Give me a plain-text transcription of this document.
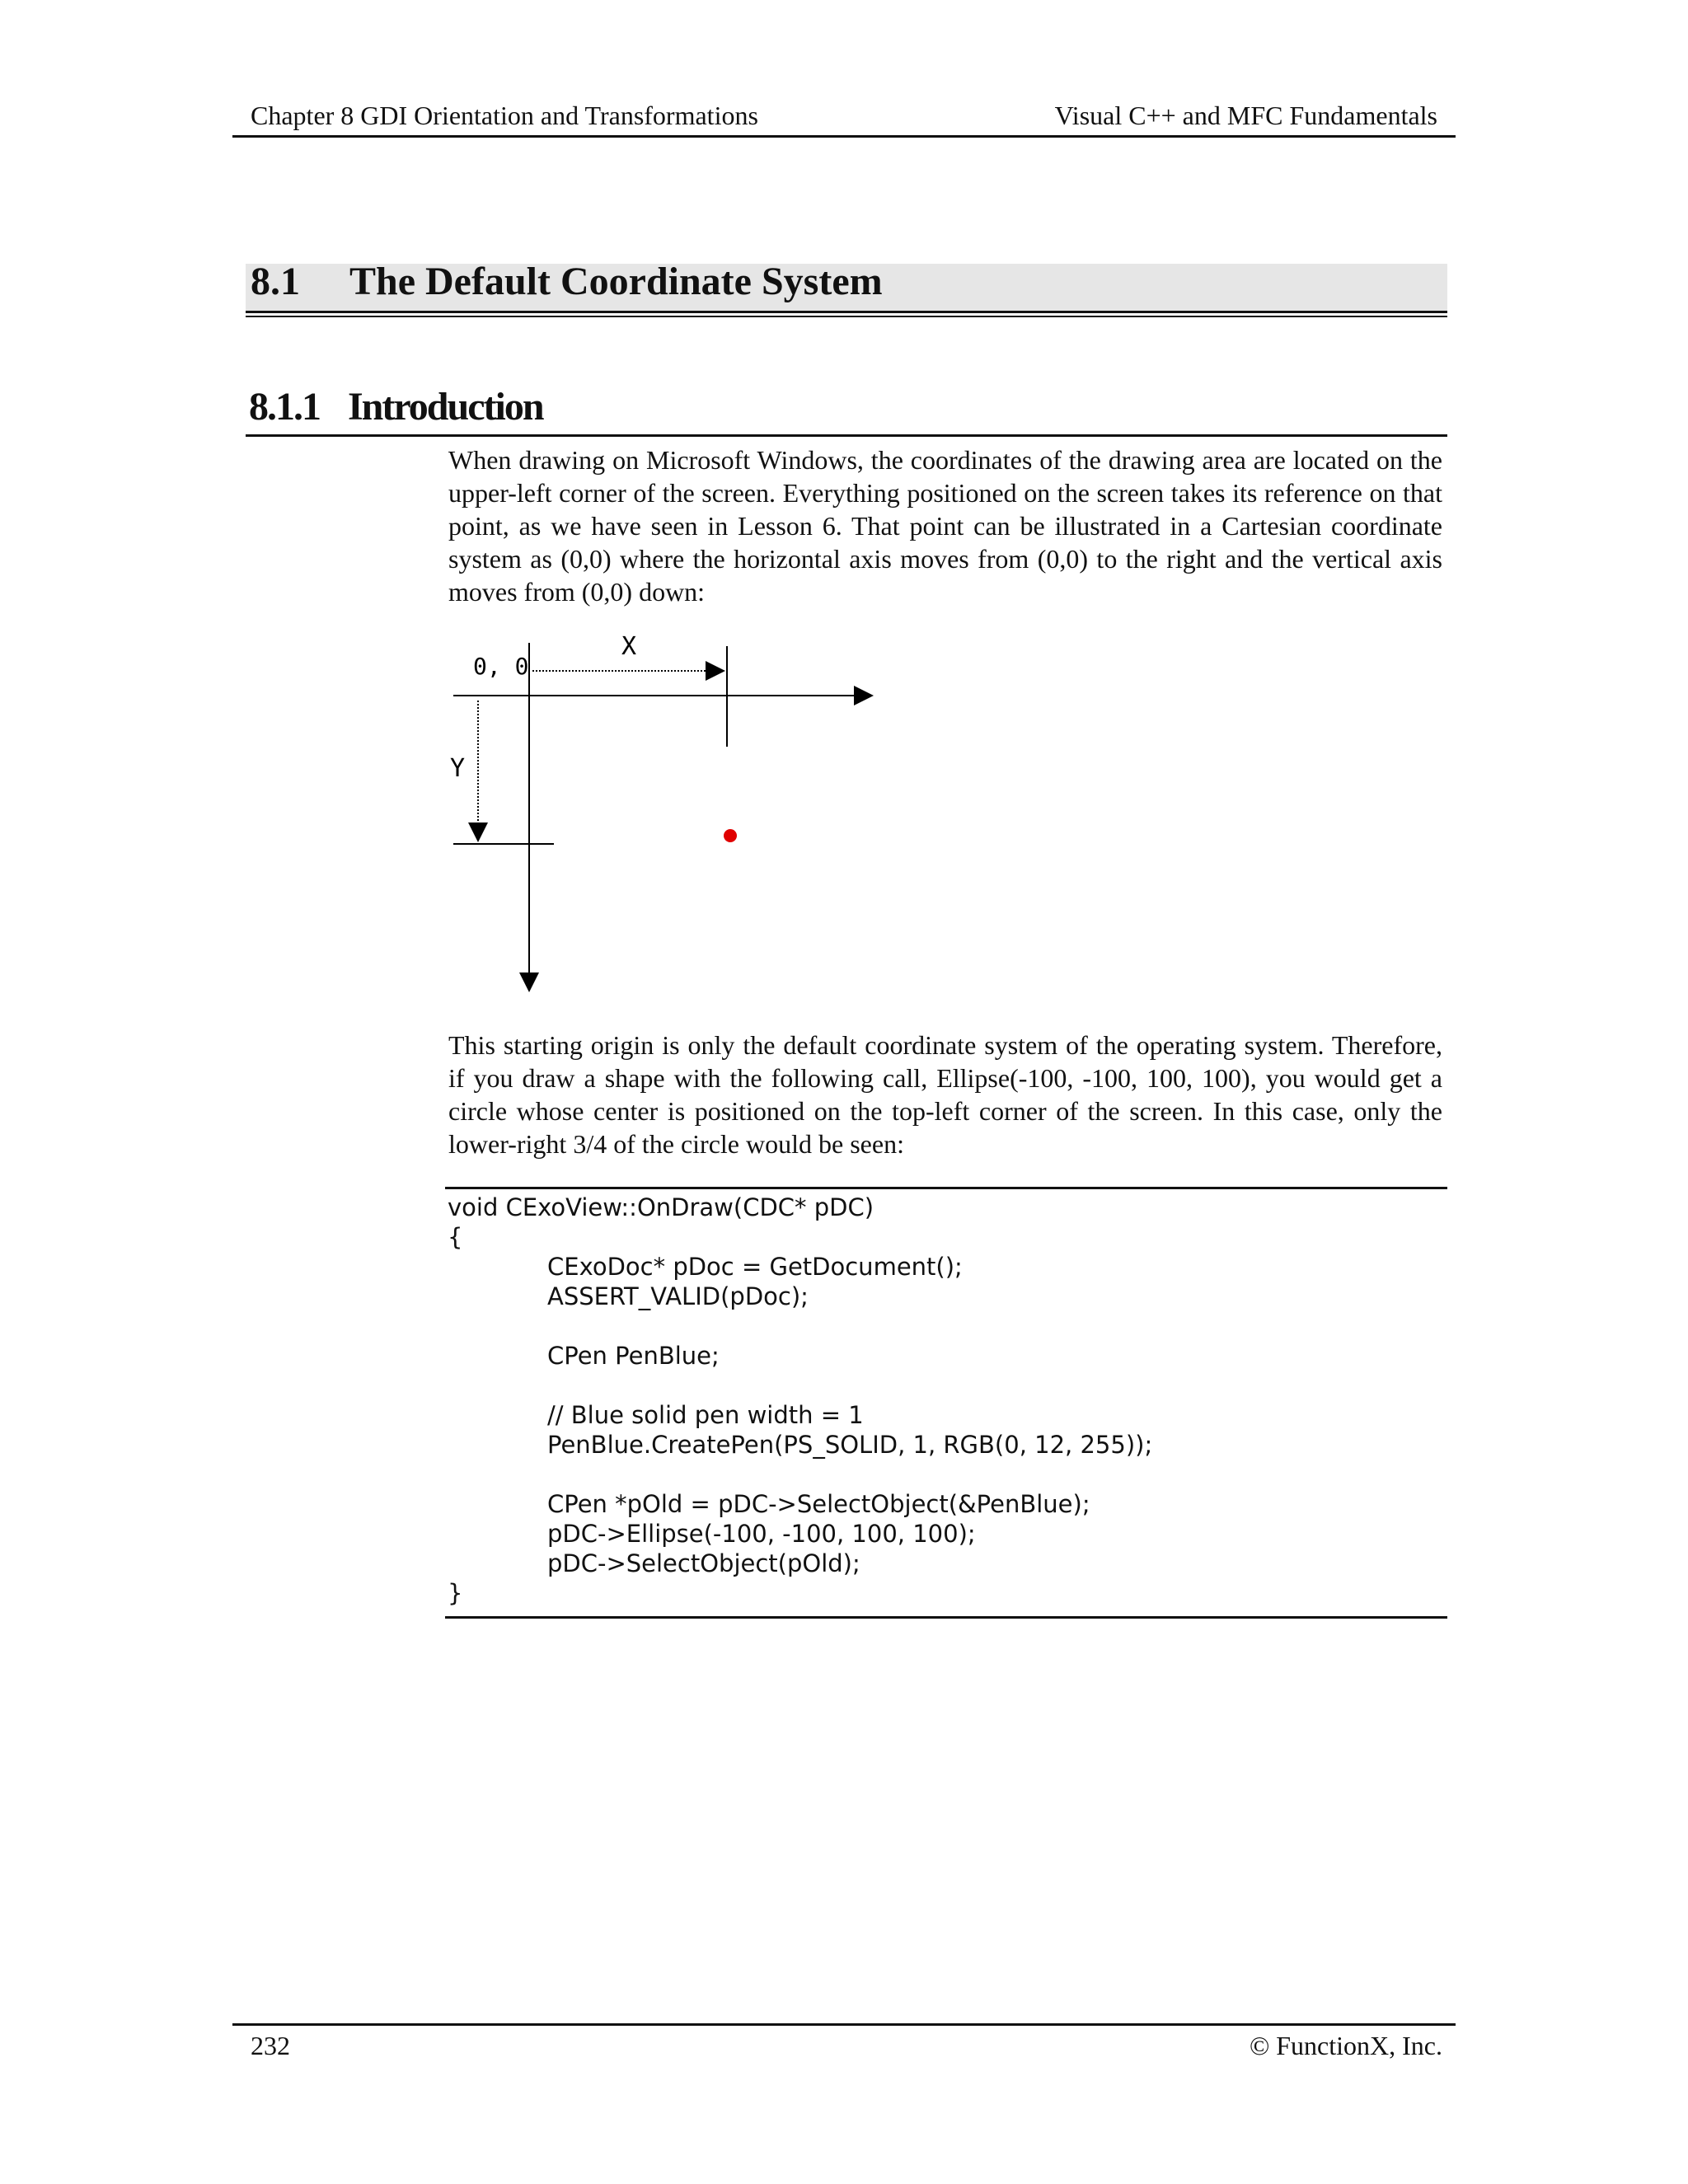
Chapter 8 GDI Orientation and Transformations	Visual C++ and MFC Fundamentals
8.1 The Default Coordinate System
8.1.1 Introduction

When drawing on Microsoft Windows, the coordinates of the drawing area are located on the upper-left corner of the screen. Everything positioned on the screen takes its reference on that point, as we have seen in Lesson 6. That point can be illustrated in a Cartesian coordinate system as (0,0) where the horizontal axis moves from (0,0) to the right and the vertical axis moves from (0,0) down:

0, 0
X
Y

This starting origin is only the default coordinate system of the operating system. Therefore, if you draw a shape with the following call, Ellipse(-100, -100, 100, 100), you would get a circle whose center is positioned on the top-left corner of the screen. In this case, only the lower-right 3/4 of the circle would be seen:

void CExoView::OnDraw(CDC* pDC)
{
CExoDoc* pDoc = GetDocument();
ASSERT_VALID(pDoc);
CPen PenBlue;
// Blue solid pen width = 1
PenBlue.CreatePen(PS_SOLID, 1, RGB(0, 12, 255));
CPen *pOld = pDC->SelectObject(&PenBlue);
pDC->Ellipse(-100, -100, 100, 100);
pDC->SelectObject(pOld);
}
232	© FunctionX, Inc.
